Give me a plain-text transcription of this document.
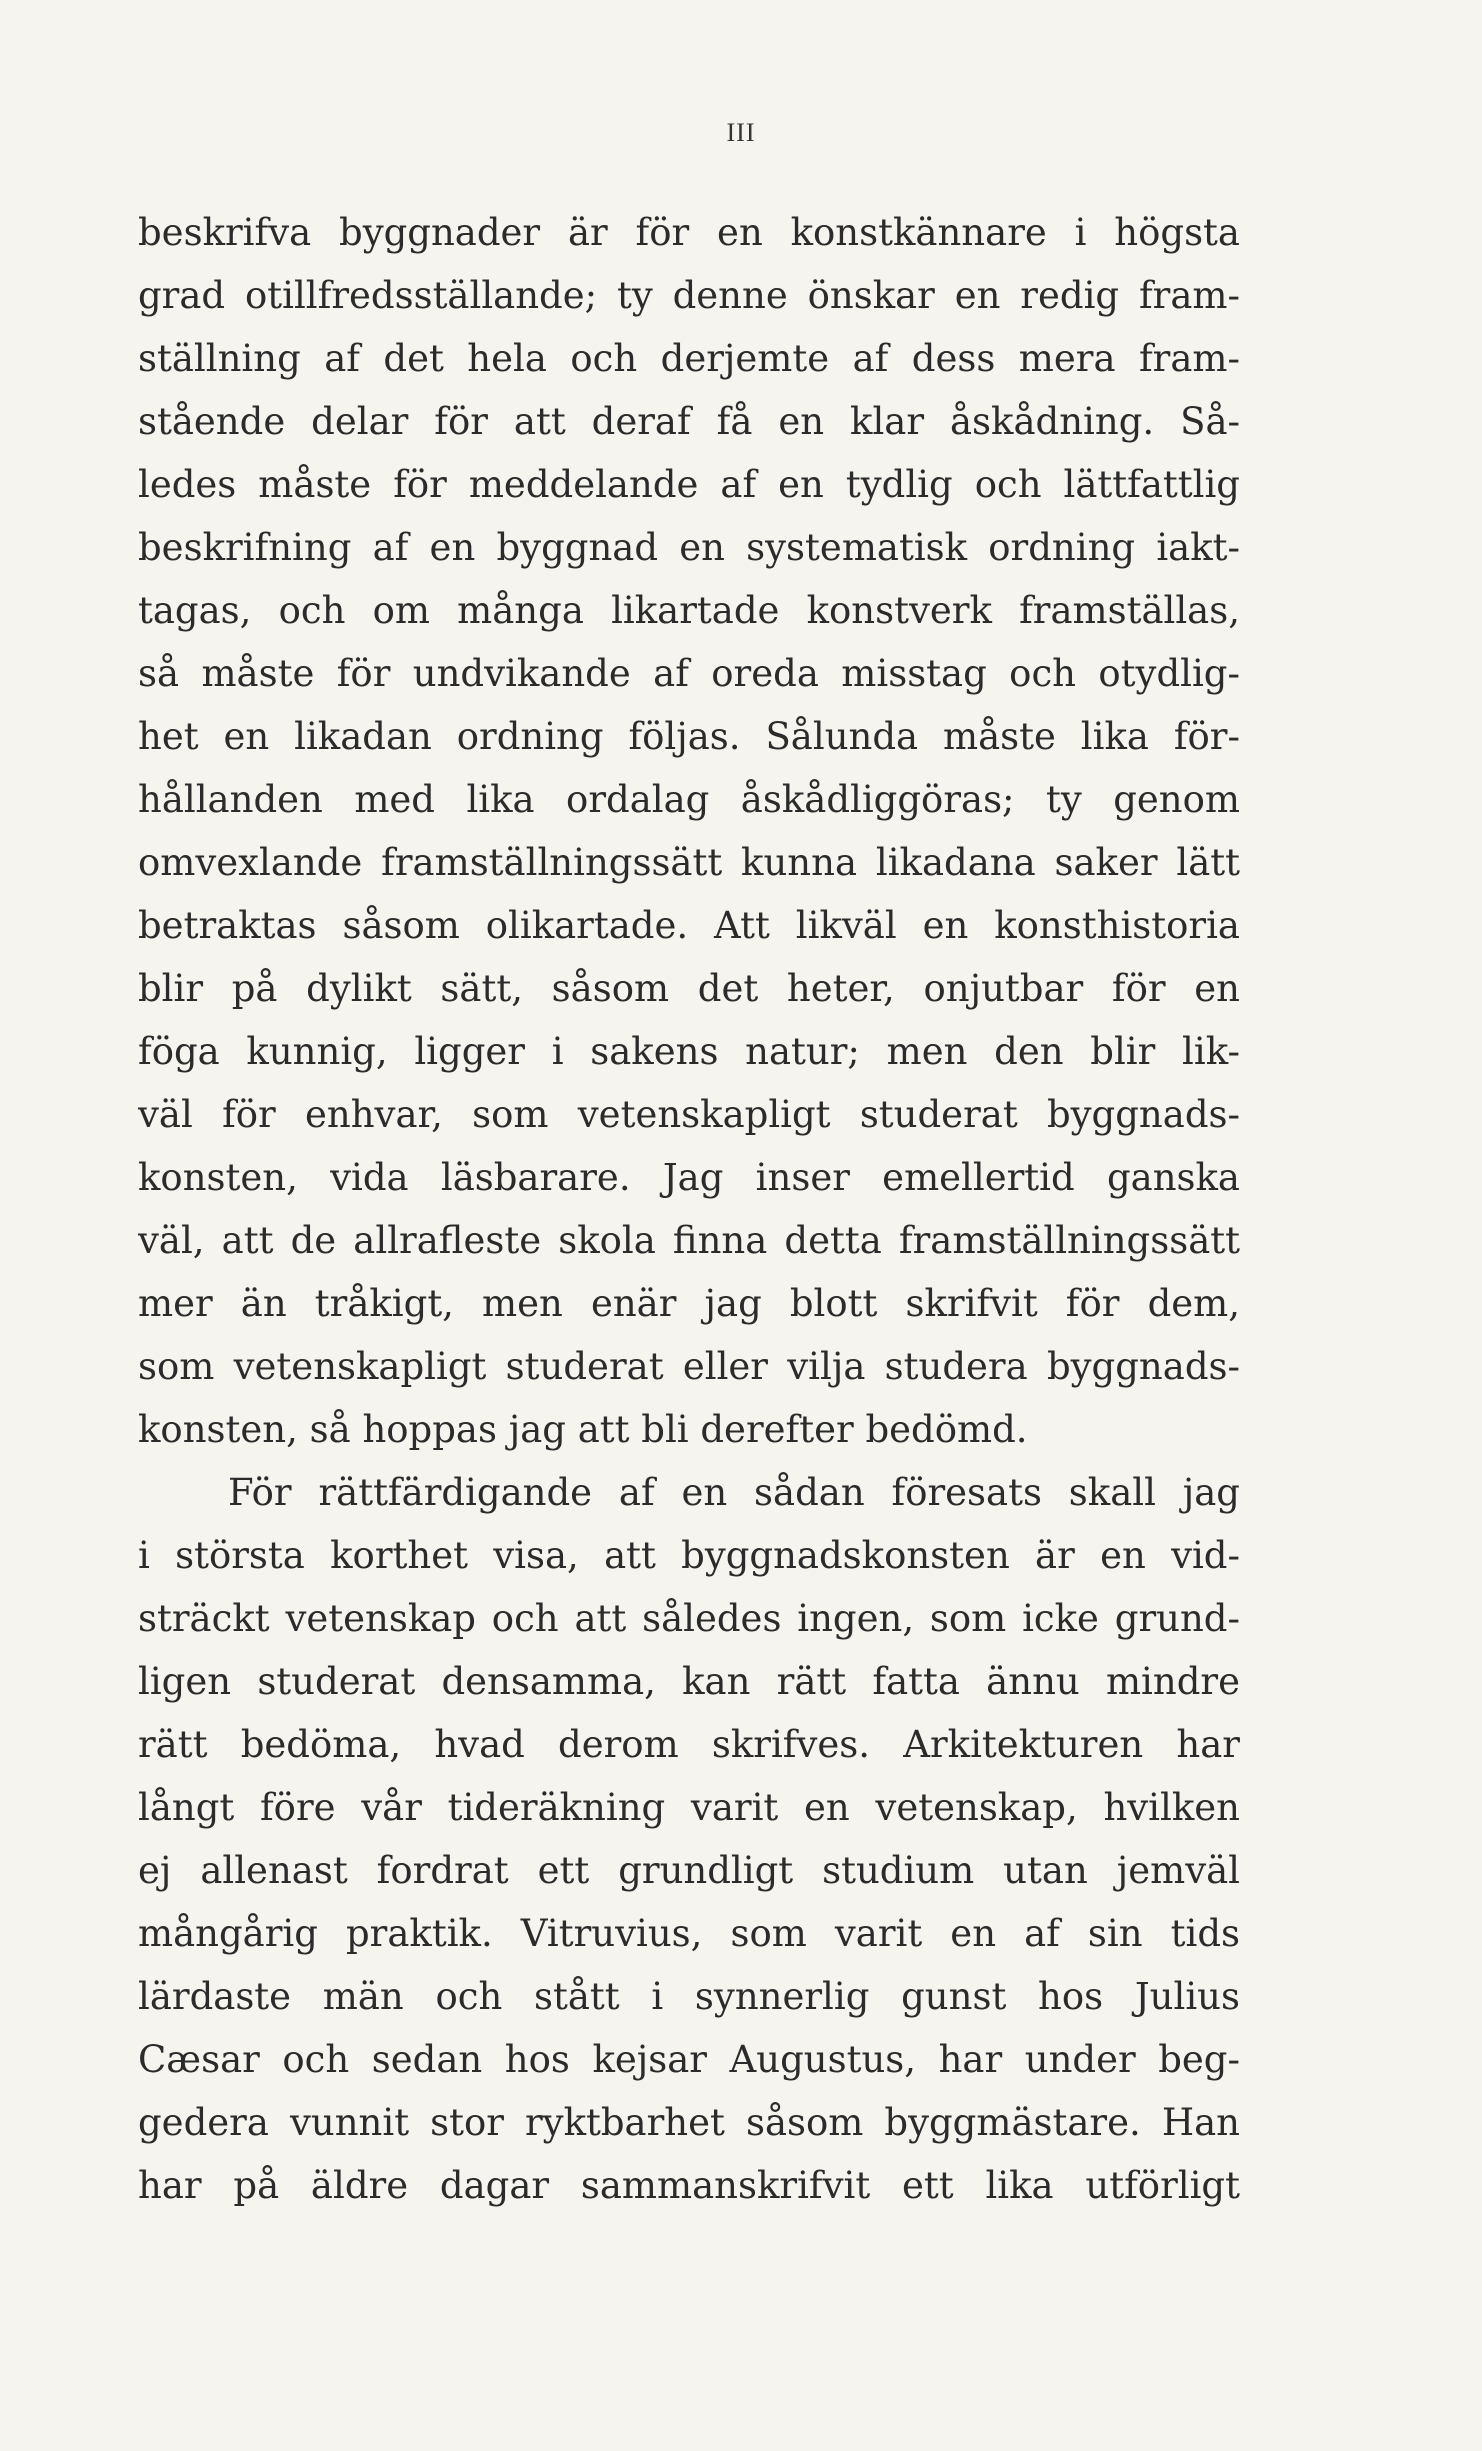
III
beskrifva byggnader är för en konstkännare i högsta
grad otillfredsställande; ty denne önskar en redig fram-
ställning af det hela och derjemte af dess mera fram-
stående delar för att deraf få en klar åskådning. Så-
ledes måste för meddelande af en tydlig och lättfattlig
beskrifning af en byggnad en systematisk ordning iakt-
tagas, och om många likartade konstverk framställas,
så måste för undvikande af oreda misstag och otydlig-
het en likadan ordning följas. Sålunda måste lika för-
hållanden med lika ordalag åskådliggöras; ty genom
omvexlande framställningssätt kunna likadana saker lätt
betraktas såsom olikartade. Att likväl en konsthistoria
blir på dylikt sätt, såsom det heter, onjutbar för en
föga kunnig, ligger i sakens natur; men den blir lik-
väl för enhvar, som vetenskapligt studerat byggnads-
konsten, vida läsbarare. Jag inser emellertid ganska
väl, att de allrafleste skola finna detta framställningssätt
mer än tråkigt, men enär jag blott skrifvit för dem,
som vetenskapligt studerat eller vilja studera byggnads-
konsten, så hoppas jag att bli derefter bedömd.
För rättfärdigande af en sådan föresats skall jag
i största korthet visa, att byggnadskonsten är en vid-
sträckt vetenskap och att således ingen, som icke grund-
ligen studerat densamma, kan rätt fatta ännu mindre
rätt bedöma, hvad derom skrifves. Arkitekturen har
långt före vår tideräkning varit en vetenskap, hvilken
ej allenast fordrat ett grundligt studium utan jemväl
mångårig praktik. Vitruvius, som varit en af sin tids
lärdaste män och stått i synnerlig gunst hos Julius
Cæsar och sedan hos kejsar Augustus, har under beg-
gedera vunnit stor ryktbarhet såsom byggmästare. Han
har på äldre dagar sammanskrifvit ett lika utförligt
